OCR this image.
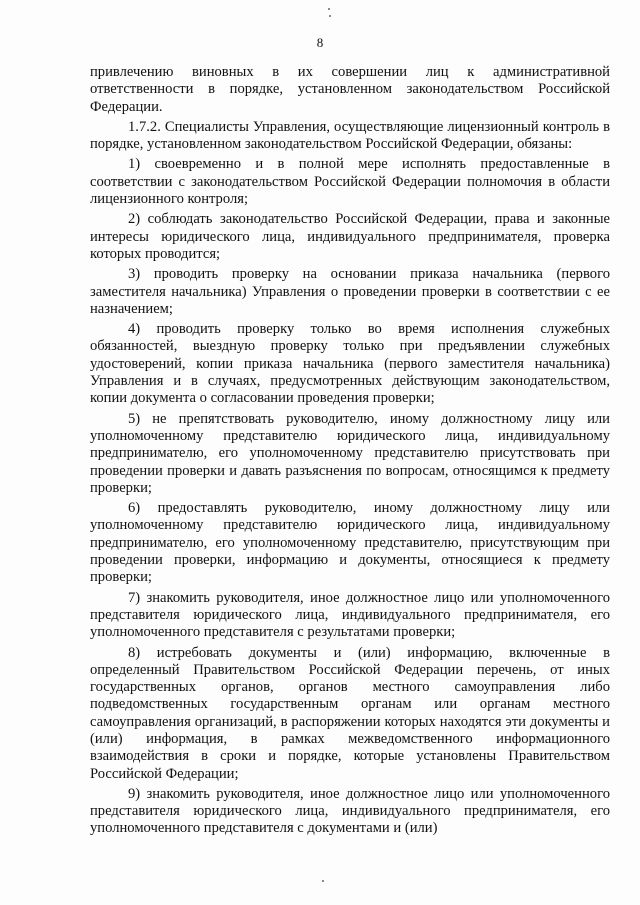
8

привлечению виновных в их совершении лиц к административной ответственности в порядке, установленном законодательством Российской Федерации.

1.7.2. Специалисты Управления, осуществляющие лицензионный контроль в порядке, установленном законодательством Российской Федерации, обязаны:

1) своевременно и в полной мере исполнять предоставленные в соответствии с законодательством Российской Федерации полномочия в области лицензионного контроля;

2) соблюдать законодательство Российской Федерации, права и законные интересы юридического лица, индивидуального предпринимателя, проверка которых проводится;

3) проводить проверку на основании приказа начальника (первого заместителя начальника) Управления о проведении проверки в соответствии с ее назначением;

4) проводить проверку только во время исполнения служебных обязанностей, выездную проверку только при предъявлении служебных удостоверений, копии приказа начальника (первого заместителя начальника) Управления и в случаях, предусмотренных действующим законодательством, копии документа о согласовании проведения проверки;

5) не препятствовать руководителю, иному должностному лицу или уполномоченному представителю юридического лица, индивидуальному предпринимателю, его уполномоченному представителю присутствовать при проведении проверки и давать разъяснения по вопросам, относящимся к предмету проверки;

6) предоставлять руководителю, иному должностному лицу или уполномоченному представителю юридического лица, индивидуальному предпринимателю, его уполномоченному представителю, присутствующим при проведении проверки, информацию и документы, относящиеся к предмету проверки;

7) знакомить руководителя, иное должностное лицо или уполномоченного представителя юридического лица, индивидуального предпринимателя, его уполномоченного представителя с результатами проверки;

8) истребовать документы и (или) информацию, включенные в определенный Правительством Российской Федерации перечень, от иных государственных органов, органов местного самоуправления либо подведомственных государственным органам или органам местного самоуправления организаций, в распоряжении которых находятся эти документы и (или) информация, в рамках межведомственного информационного взаимодействия в сроки и порядке, которые установлены Правительством Российской Федерации;

9) знакомить руководителя, иное должностное лицо или уполномоченного представителя юридического лица, индивидуального предпринимателя, его уполномоченного представителя с документами и (или)
